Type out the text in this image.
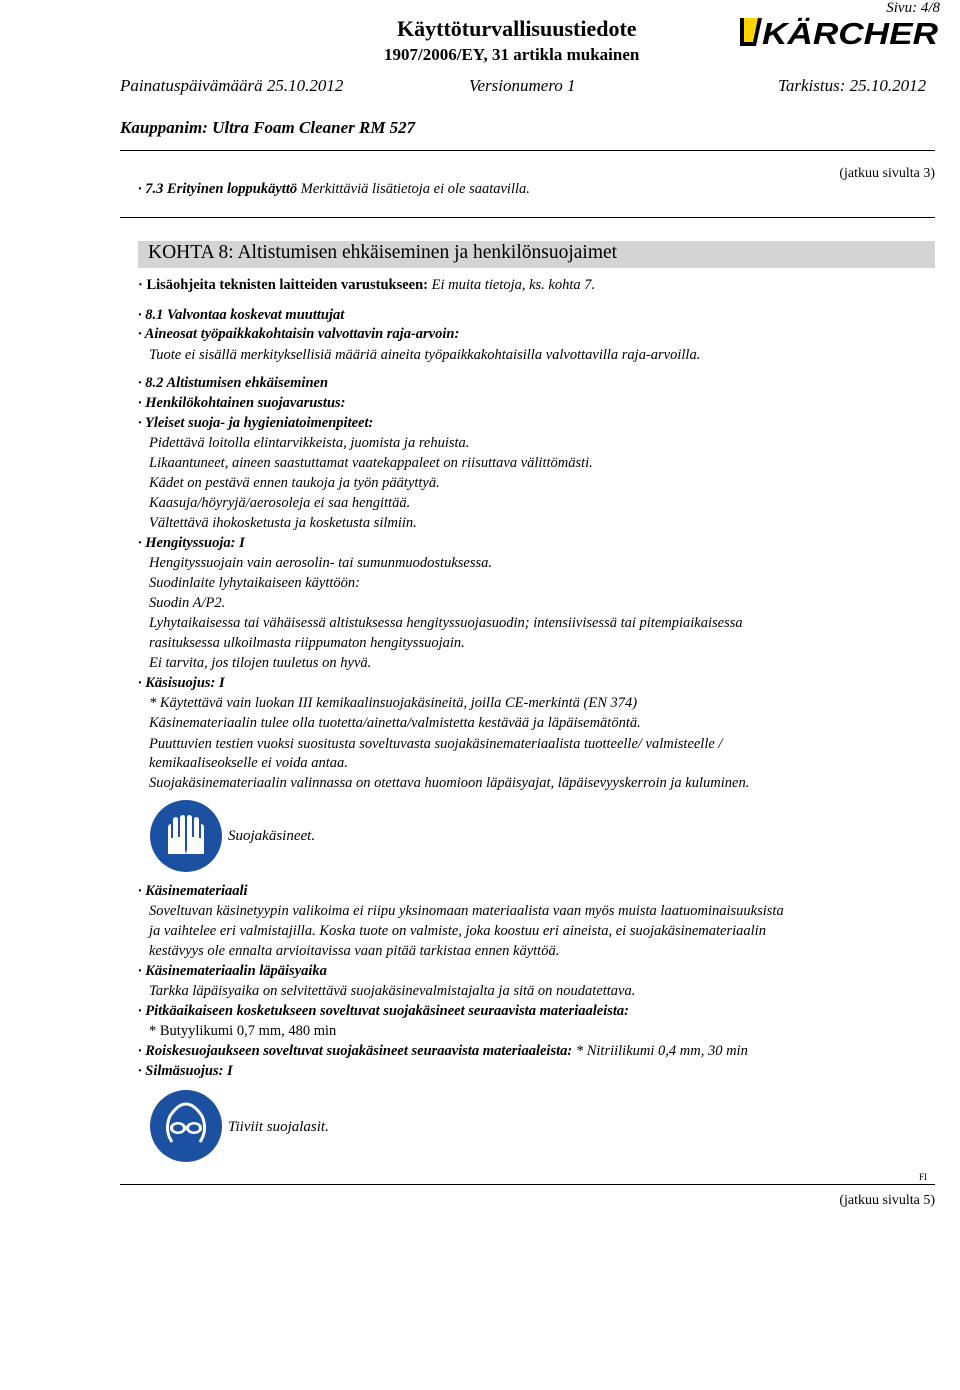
Sivu: 4/8
Käyttöturvallisuustiedote
1907/2006/EY, 31 artikla mukainen
KÄRCHER
Painatuspäivämäärä 25.10.2012	Versionumero 1	Tarkistus: 25.10.2012
Kauppanim: Ultra Foam Cleaner RM 527
(jatkuu sivulta 3)
· 7.3 Erityinen loppukäyttö Merkittäviä lisätietoja ei ole saatavilla.
KOHTA 8: Altistumisen ehkäiseminen ja henkilönsuojaimet
· Lisäohjeita teknisten laitteiden varustukseen: Ei muita tietoja, ks. kohta 7.
· 8.1 Valvontaa koskevat muuttujat
· Aineosat työpaikkakohtaisin valvottavin raja-arvoin:
Tuote ei sisällä merkityksellisiä määriä aineita työpaikkakohtaisilla valvottavilla raja-arvoilla.
· 8.2 Altistumisen ehkäiseminen
· Henkilökohtainen suojavarustus:
· Yleiset suoja- ja hygieniatoimenpiteet:
Pidettävä loitolla elintarvikkeista, juomista ja rehuista.
Likaantuneet, aineen saastuttamat vaatekappaleet on riisuttava välittömästi.
Kädet on pestävä ennen taukoja ja työn päätyttyä.
Kaasuja/höyryjä/aerosoleja ei saa hengittää.
Vältettävä ihokosketusta ja kosketusta silmiin.
· Hengityssuoja: I
Hengityssuojain vain aerosolin- tai sumunmuodostuksessa.
Suodinlaite lyhytaikaiseen käyttöön:
Suodin A/P2.
Lyhytaikaisessa tai vähäisessä altistuksessa hengityssuojasuodin; intensiivisessä tai pitempiaikaisessa
rasituksessa ulkoilmasta riippumaton hengityssuojain.
Ei tarvita, jos tilojen tuuletus on hyvä.
· Käsisuojus: I
* Käytettävä vain luokan III kemikaalinsuojakäsineitä, joilla CE-merkintä (EN 374)
Käsinemateriaalin tulee olla tuotetta/ainetta/valmistetta kestävää ja läpäisemätöntä.
Puuttuvien testien vuoksi suositusta soveltuvasta suojakäsinemateriaalista tuotteelle/ valmisteelle /
kemikaaliseokselle ei voida antaa.
Suojakäsinemateriaalin valinnassa on otettava huomioon läpäisyajat, läpäisevyyskerroin ja kuluminen.
Suojakäsineet.
· Käsinemateriaali
Soveltuvan käsinetyypin valikoima ei riipu yksinomaan materiaalista vaan myös muista laatuominaisuuksista
ja vaihtelee eri valmistajilla. Koska tuote on valmiste, joka koostuu eri aineista, ei suojakäsinemateriaalin
kestävyys ole ennalta arvioitavissa vaan pitää tarkistaa ennen käyttöä.
· Käsinemateriaalin läpäisyaika
Tarkka läpäisyaika on selvitettävä suojakäsinevalmistajalta ja sitä on noudatettava.
· Pitkäaikaiseen kosketukseen soveltuvat suojakäsineet seuraavista materiaaleista:
* Butyylikumi 0,7 mm, 480 min
· Roiskesuojaukseen soveltuvat suojakäsineet seuraavista materiaaleista: * Nitriilikumi 0,4 mm, 30 min
· Silmäsuojus: I
Tiiviit suojalasit.
FI
(jatkuu sivulta 5)
